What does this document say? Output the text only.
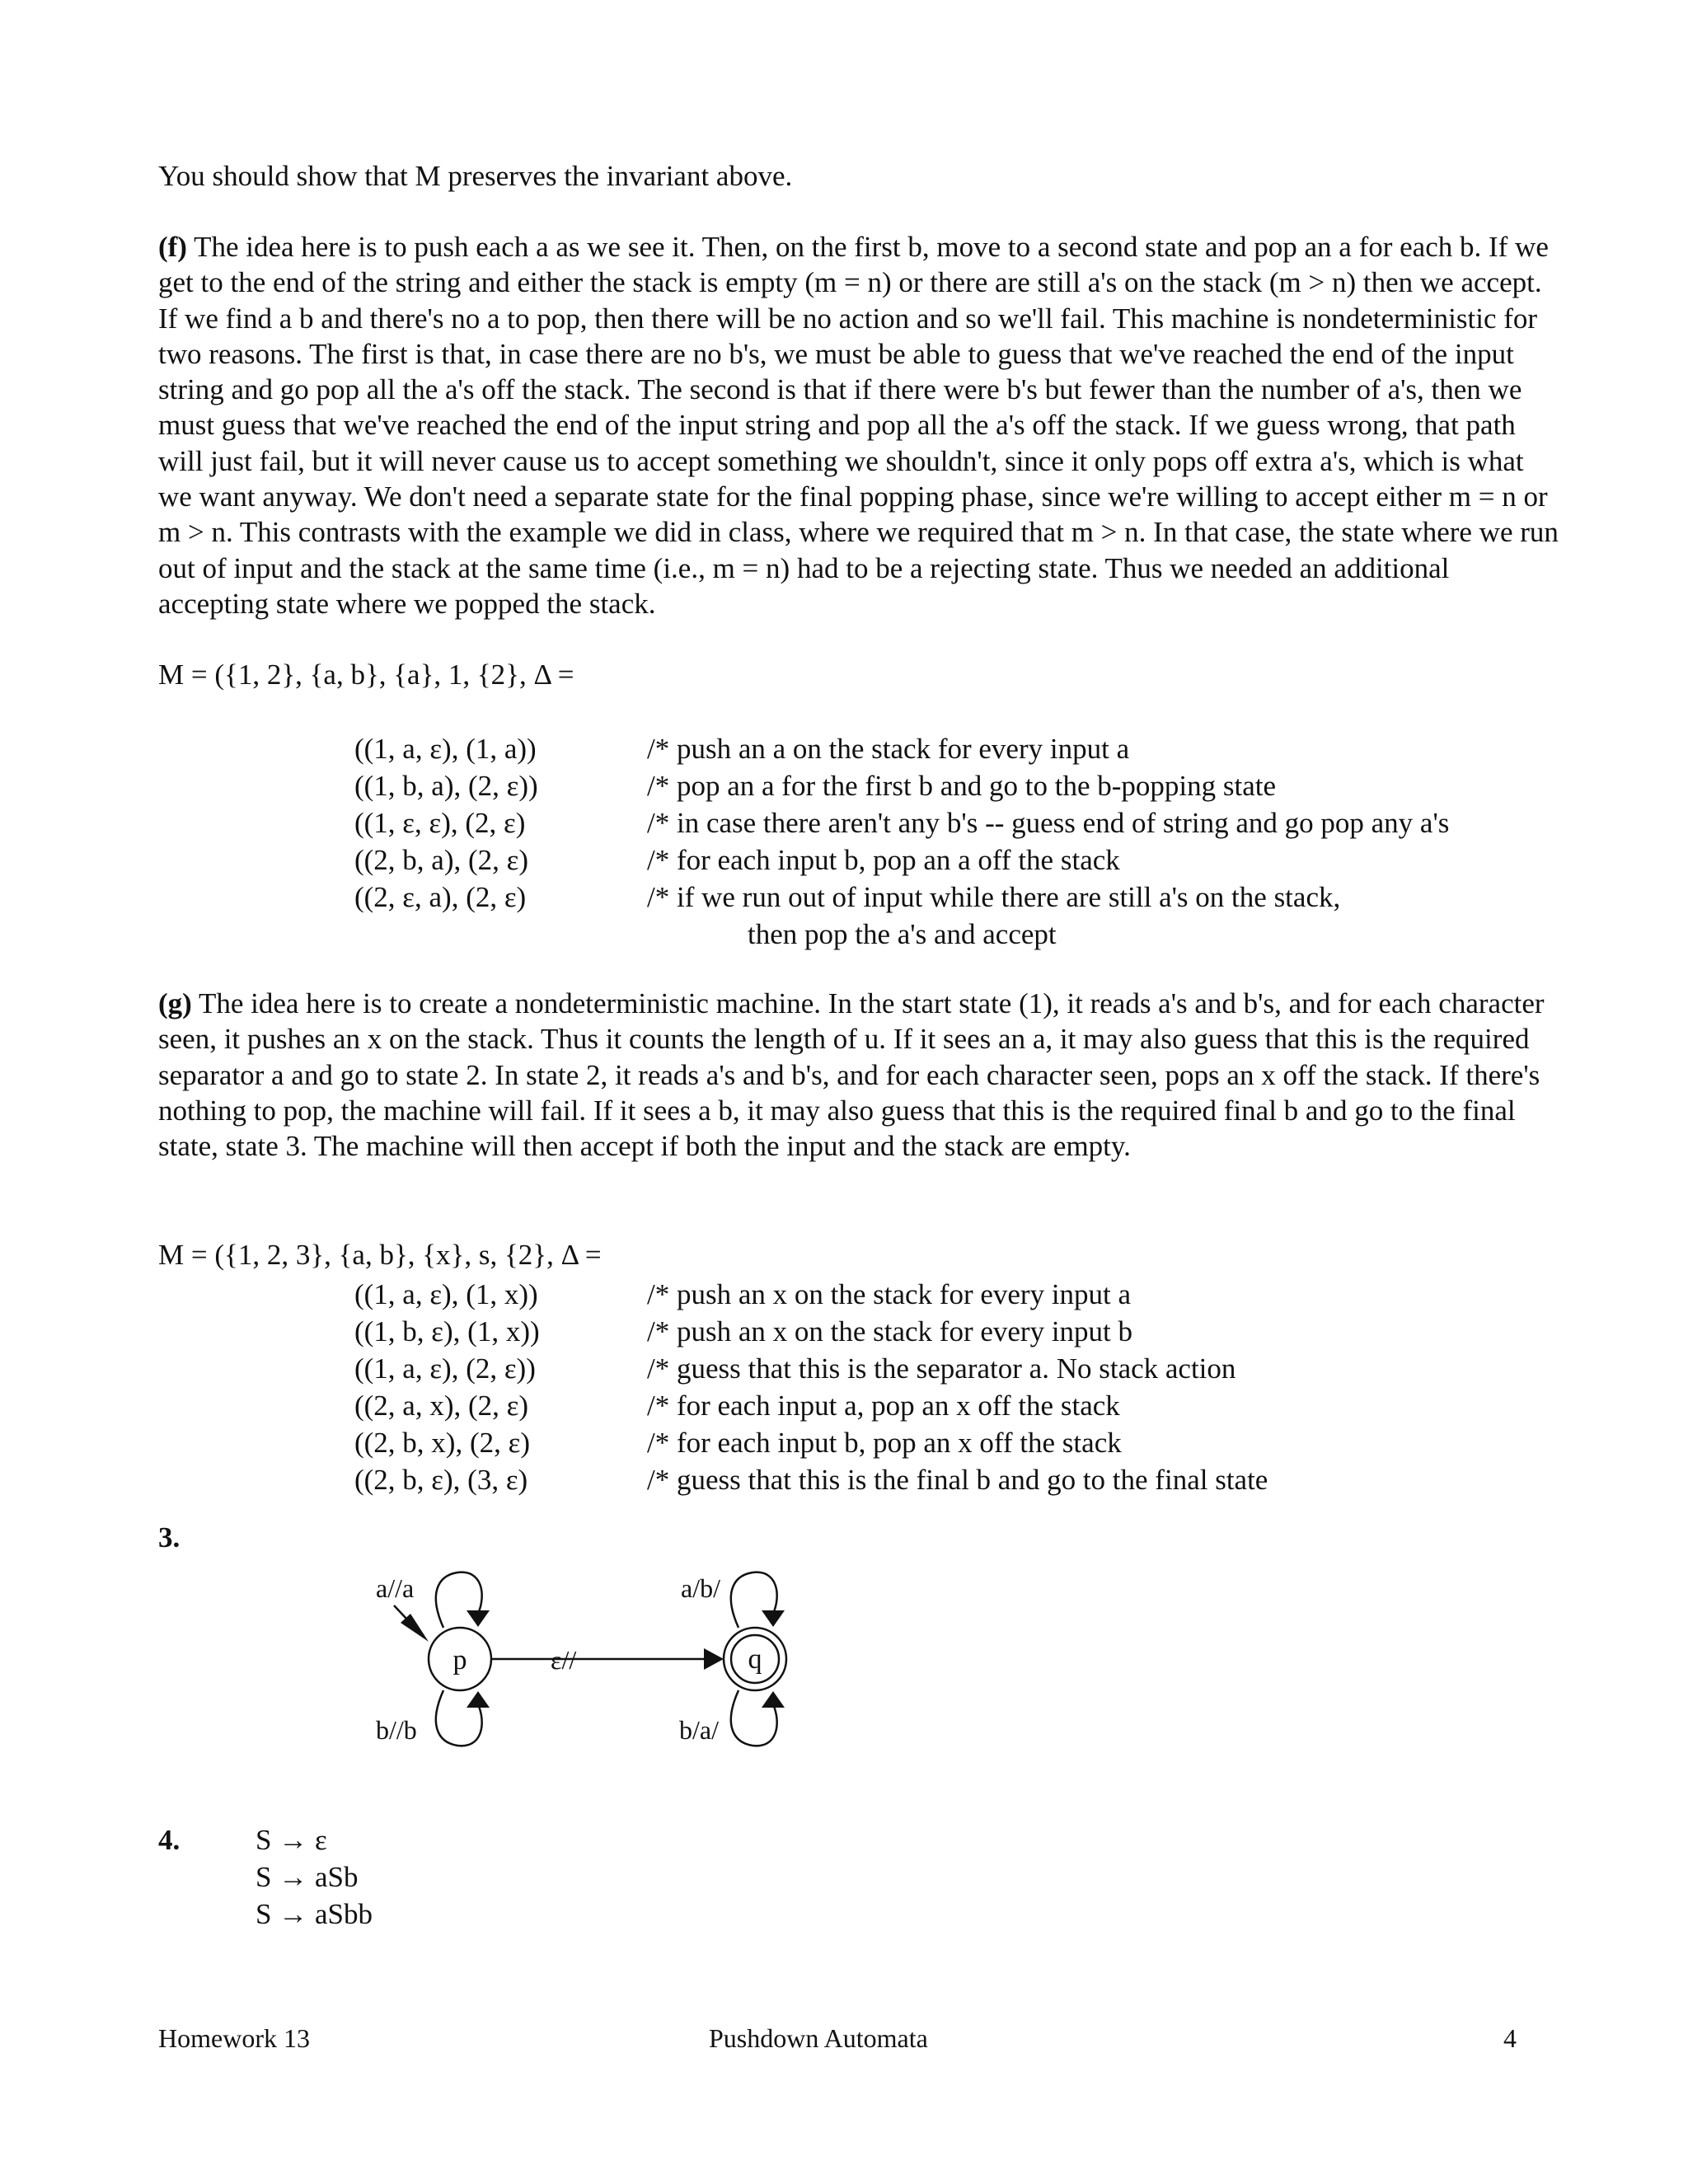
You should show that M preserves the invariant above.

(f) The idea here is to push each a as we see it. Then, on the first b, move to a second state and pop an a for each b. If we get to the end of the string and either the stack is empty (m = n) or there are still a's on the stack (m > n) then we accept. If we find a b and there's no a to pop, then there will be no action and so we'll fail. This machine is nondeterministic for two reasons. The first is that, in case there are no b's, we must be able to guess that we've reached the end of the input string and go pop all the a's off the stack. The second is that if there were b's but fewer than the number of a's, then we must guess that we've reached the end of the input string and pop all the a's off the stack. If we guess wrong, that path will just fail, but it will never cause us to accept something we shouldn't, since it only pops off extra a's, which is what we want anyway. We don't need a separate state for the final popping phase, since we're willing to accept either m = n or m > n. This contrasts with the example we did in class, where we required that m > n. In that case, the state where we run out of input and the stack at the same time (i.e., m = n) had to be a rejecting state. Thus we needed an additional accepting state where we popped the stack.

M = ({1, 2}, {a, b}, {a}, 1, {2}, Δ =
((1, a, ε), (1, a))	/* push an a on the stack for every input a
((1, b, a), (2, ε))	/* pop an a for the first b and go to the b-popping state
((1, ε, ε), (2, ε)	/* in case there aren't any b's -- guess end of string and go pop any a's
((2, b, a), (2, ε)	/* for each input b, pop an a off the stack
((2, ε, a), (2, ε)	/* if we run out of input while there are still a's on the stack,
then pop the a's and accept

(g) The idea here is to create a nondeterministic machine. In the start state (1), it reads a's and b's, and for each character seen, it pushes an x on the stack. Thus it counts the length of u. If it sees an a, it may also guess that this is the required separator a and go to state 2. In state 2, it reads a's and b's, and for each character seen, pops an x off the stack. If there's nothing to pop, the machine will fail. If it sees a b, it may also guess that this is the required final b and go to the final state, state 3. The machine will then accept if both the input and the stack are empty.

M = ({1, 2, 3}, {a, b}, {x}, s, {2}, Δ =
((1, a, ε), (1, x))	/* push an x on the stack for every input a
((1, b, ε), (1, x))	/* push an x on the stack for every input b
((1, a, ε), (2, ε))	/* guess that this is the separator a. No stack action
((2, a, x), (2, ε)	/* for each input a, pop an x off the stack
((2, b, x), (2, ε)	/* for each input b, pop an x off the stack
((2, b, ε), (3, ε)	/* guess that this is the final b and go to the final state
3.
p	q
a//a
b//b
ε//
a/b/
b/a/
4.	S → ε
S → aSb
S → aSbb
Homework 13	Pushdown Automata	4
